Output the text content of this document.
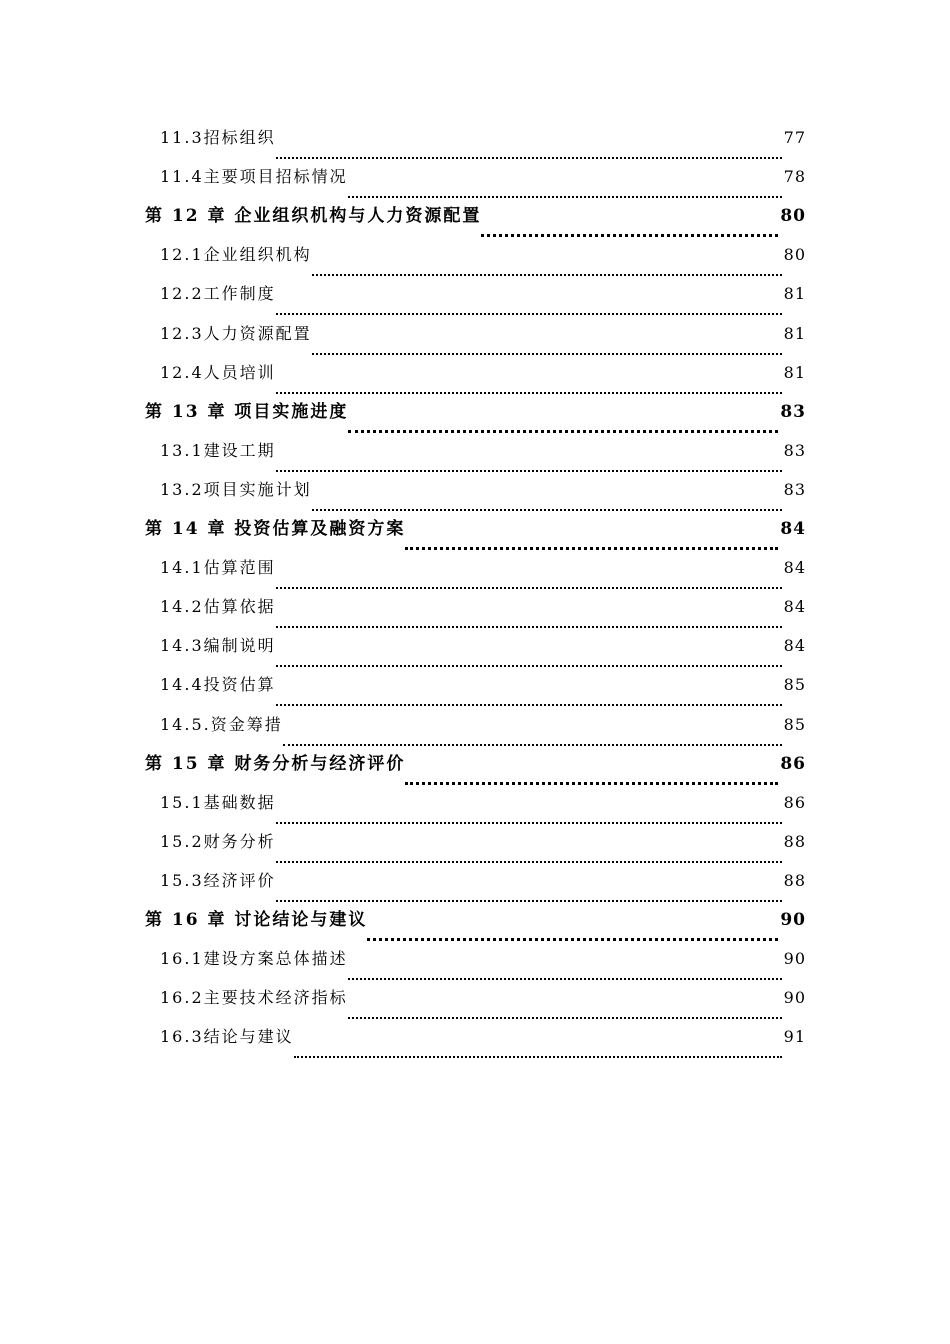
11.3招标组织	77
11.4主要项目招标情况	78
第 12 章 企业组织机构与人力资源配置	80
12.1企业组织机构	80
12.2工作制度	81
12.3人力资源配置	81
12.4人员培训	81
第 13 章 项目实施进度	83
13.1建设工期	83
13.2项目实施计划	83
第 14 章 投资估算及融资方案	84
14.1估算范围	84
14.2估算依据	84
14.3编制说明	84
14.4投资估算	85
14.5.资金筹措	85
第 15 章 财务分析与经济评价	86
15.1基础数据	86
15.2财务分析	88
15.3经济评价	88
第 16 章 讨论结论与建议	90
16.1建设方案总体描述	90
16.2主要技术经济指标	90
16.3结论与建议	91
